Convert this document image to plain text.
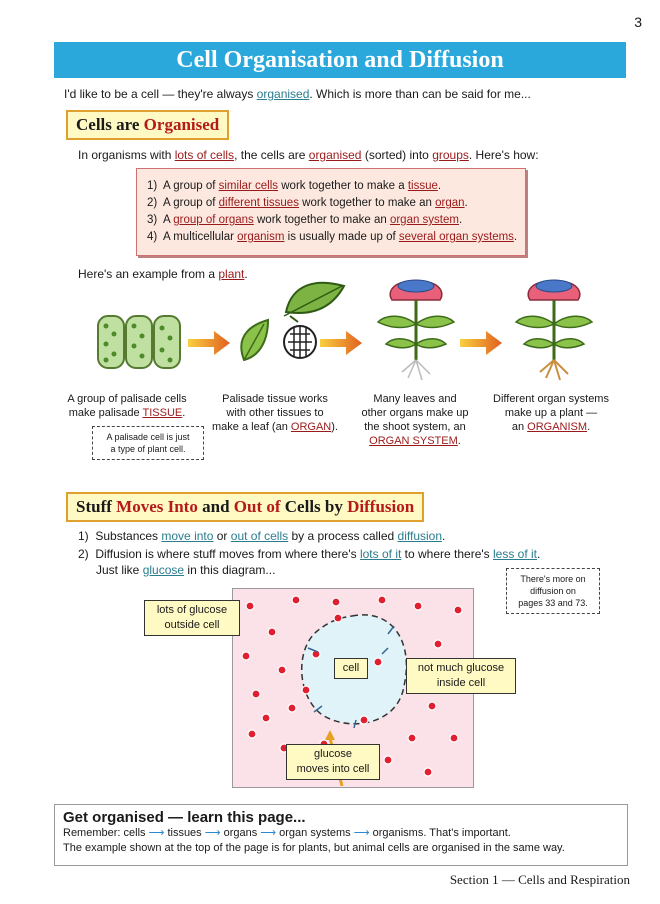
3
Cell Organisation and Diffusion
I'd like to be a cell — they're always organised. Which is more than can be said for me...
Cells are Organised
In organisms with lots of cells, the cells are organised (sorted) into groups. Here's how:
1) A group of similar cells work together to make a tissue.
2) A group of different tissues work together to make an organ.
3) A group of organs work together to make an organ system.
4) A multicellular organism is usually made up of several organ systems.
Here's an example from a plant.
A group of palisade cells
make palisade TISSUE.
Palisade tissue works
with other tissues to
make a leaf (an ORGAN).
Many leaves and
other organs make up
the shoot system, an
ORGAN SYSTEM.
Different organ systems
make up a plant —
an ORGANISM.
A palisade cell is just
a type of plant cell.
Stuff Moves Into and Out of Cells by Diffusion
1) Substances move into or out of cells by a process called diffusion.
2) Diffusion is where stuff moves from where there's lots of it to where there's less of it.
Just like glucose in this diagram...
There's more on
diffusion on
pages 33 and 73.
lots of glucose
outside cell
cell	not much glucose
inside cell
glucose
moves into cell
Get organised — learn this page...
Remember: cells ⟶ tissues ⟶ organs ⟶ organ systems ⟶ organisms. That's important.
The example shown at the top of the page is for plants, but animal cells are organised in the same way.
Section 1 — Cells and Respiration
